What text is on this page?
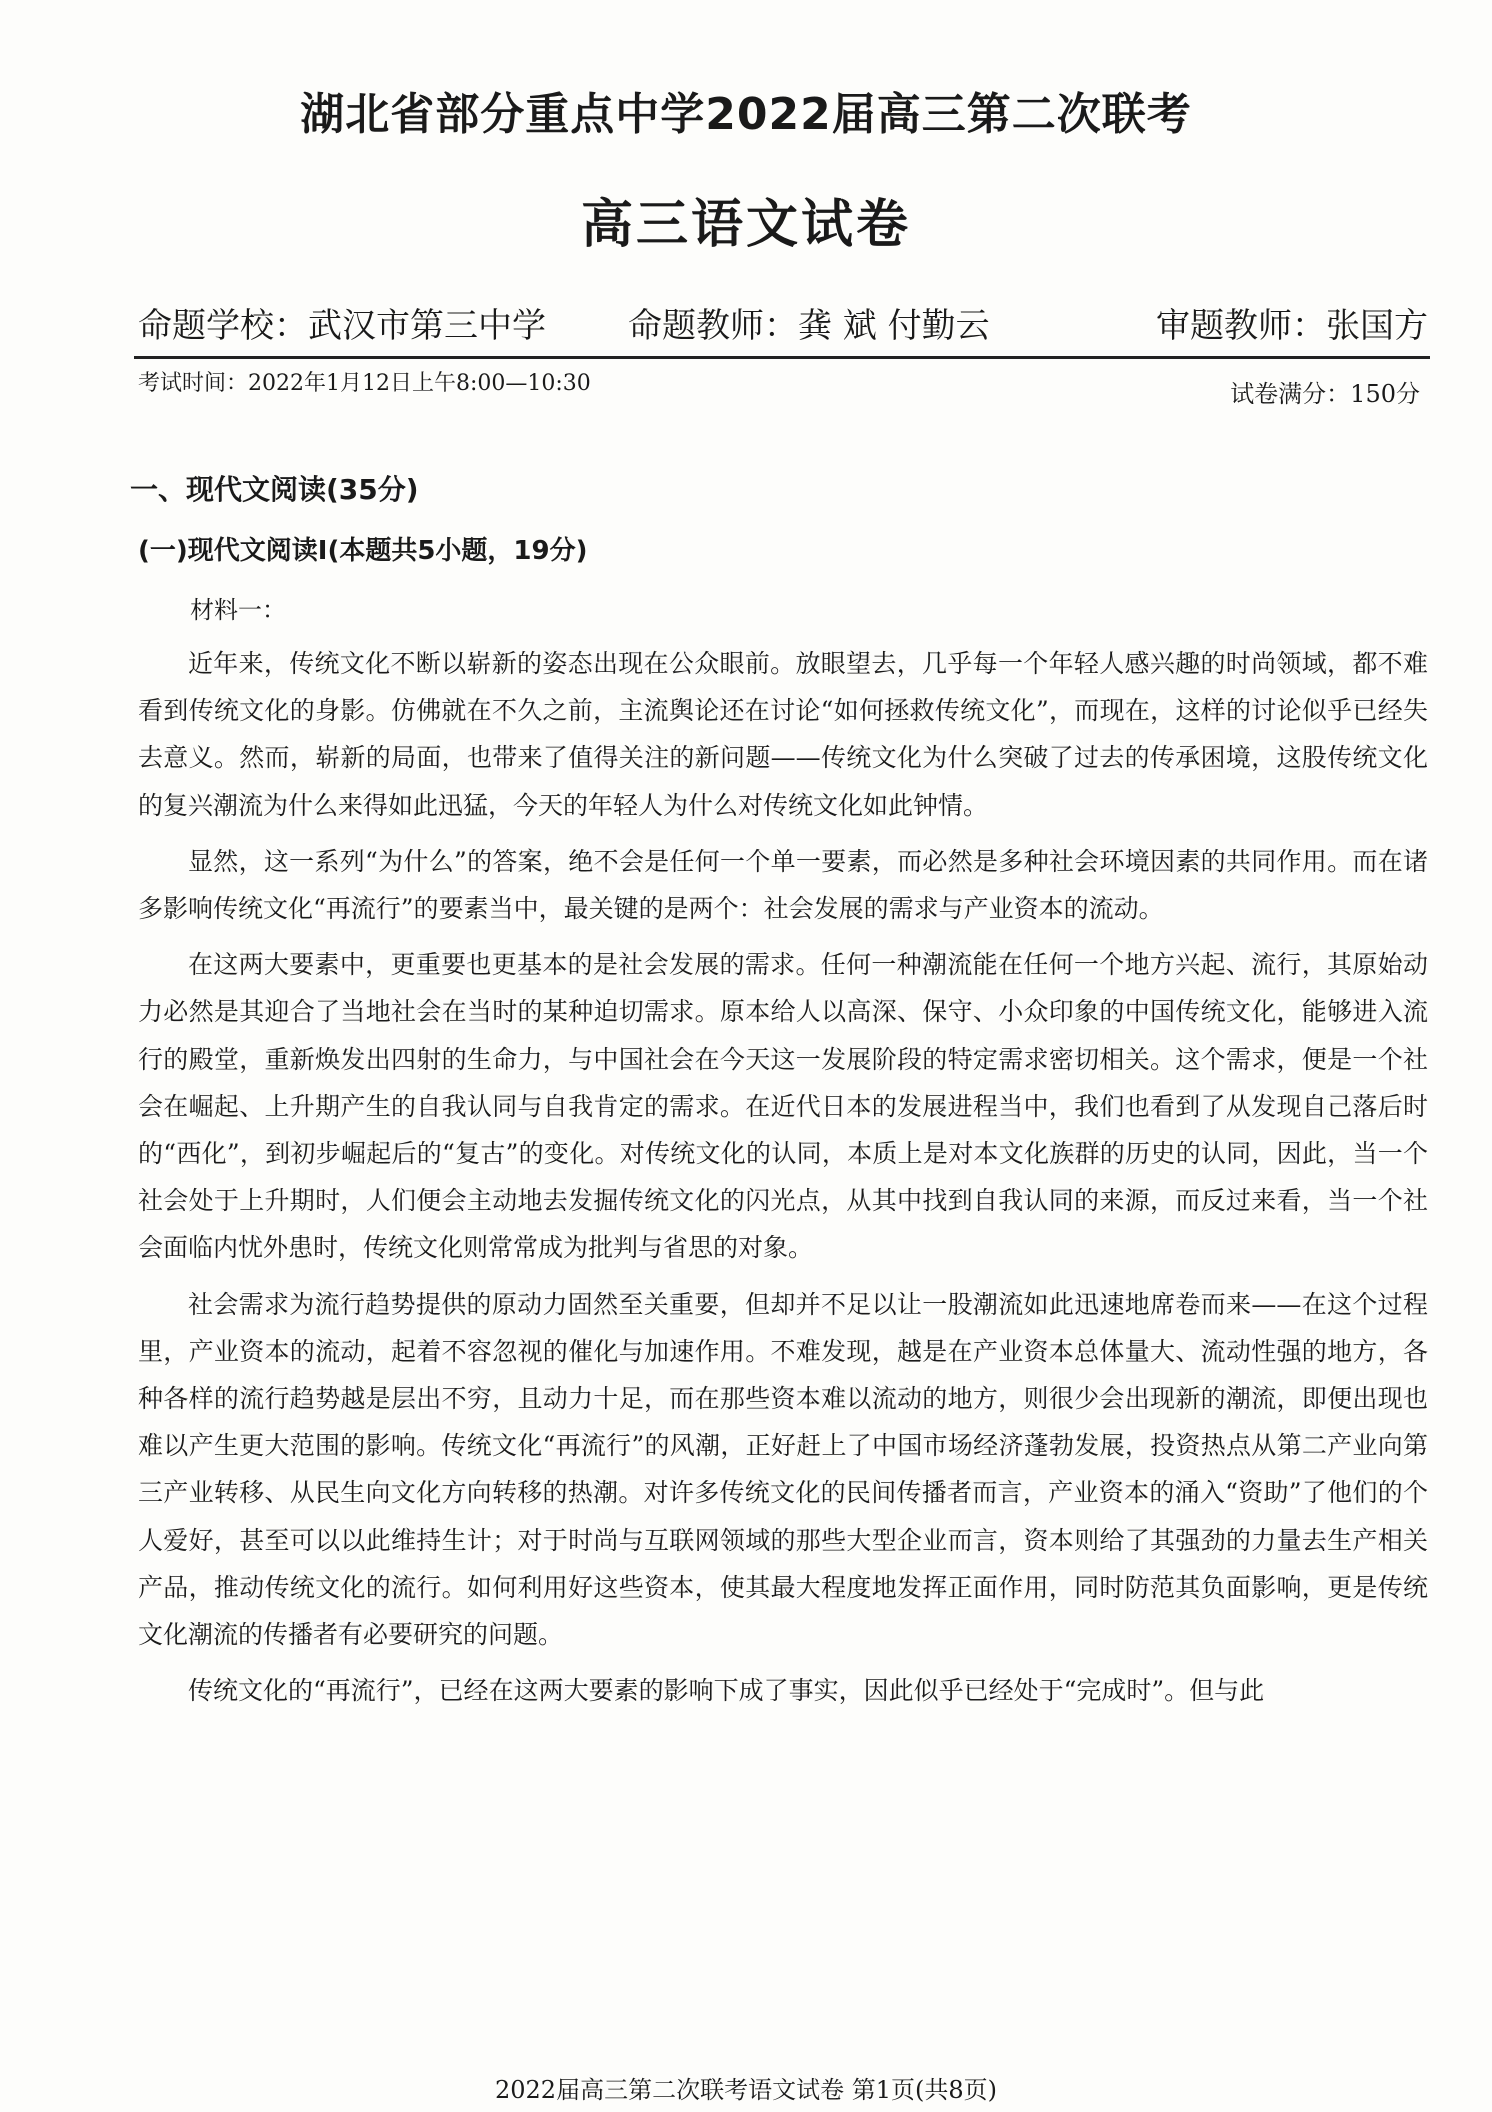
湖北省部分重点中学2022届高三第二次联考
高三语文试卷
命题学校：武汉市第三中学 命题教师：龚 斌 付勤云	审题教师：张国方
考试时间：2022年1月12日上午8:00—10:30	试卷满分：150分
一、现代文阅读(35分)
(一)现代文阅读Ⅰ(本题共5小题，19分)
材料一：

近年来，传统文化不断以崭新的姿态出现在公众眼前。放眼望去，几乎每一个年轻人感兴趣的时尚领域，都不难看到传统文化的身影。仿佛就在不久之前，主流舆论还在讨论“如何拯救传统文化”，而现在，这样的讨论似乎已经失去意义。然而，崭新的局面，也带来了值得关注的新问题——传统文化为什么突破了过去的传承困境，这股传统文化的复兴潮流为什么来得如此迅猛，今天的年轻人为什么对传统文化如此钟情。

显然，这一系列“为什么”的答案，绝不会是任何一个单一要素，而必然是多种社会环境因素的共同作用。而在诸多影响传统文化“再流行”的要素当中，最关键的是两个：社会发展的需求与产业资本的流动。

在这两大要素中，更重要也更基本的是社会发展的需求。任何一种潮流能在任何一个地方兴起、流行，其原始动力必然是其迎合了当地社会在当时的某种迫切需求。原本给人以高深、保守、小众印象的中国传统文化，能够进入流行的殿堂，重新焕发出四射的生命力，与中国社会在今天这一发展阶段的特定需求密切相关。这个需求，便是一个社会在崛起、上升期产生的自我认同与自我肯定的需求。在近代日本的发展进程当中，我们也看到了从发现自己落后时的“西化”，到初步崛起后的“复古”的变化。对传统文化的认同，本质上是对本文化族群的历史的认同，因此，当一个社会处于上升期时，人们便会主动地去发掘传统文化的闪光点，从其中找到自我认同的来源，而反过来看，当一个社会面临内忧外患时，传统文化则常常成为批判与省思的对象。

社会需求为流行趋势提供的原动力固然至关重要，但却并不足以让一股潮流如此迅速地席卷而来——在这个过程里，产业资本的流动，起着不容忽视的催化与加速作用。不难发现，越是在产业资本总体量大、流动性强的地方，各种各样的流行趋势越是层出不穷，且动力十足，而在那些资本难以流动的地方，则很少会出现新的潮流，即便出现也难以产生更大范围的影响。传统文化“再流行”的风潮，正好赶上了中国市场经济蓬勃发展，投资热点从第二产业向第三产业转移、从民生向文化方向转移的热潮。对许多传统文化的民间传播者而言，产业资本的涌入“资助”了他们的个人爱好，甚至可以以此维持生计；对于时尚与互联网领域的那些大型企业而言，资本则给了其强劲的力量去生产相关产品，推动传统文化的流行。如何利用好这些资本，使其最大程度地发挥正面作用，同时防范其负面影响，更是传统文化潮流的传播者有必要研究的问题。

传统文化的“再流行”，已经在这两大要素的影响下成了事实，因此似乎已经处于“完成时”。但与此

2022届高三第二次联考语文试卷 第1页(共8页)
